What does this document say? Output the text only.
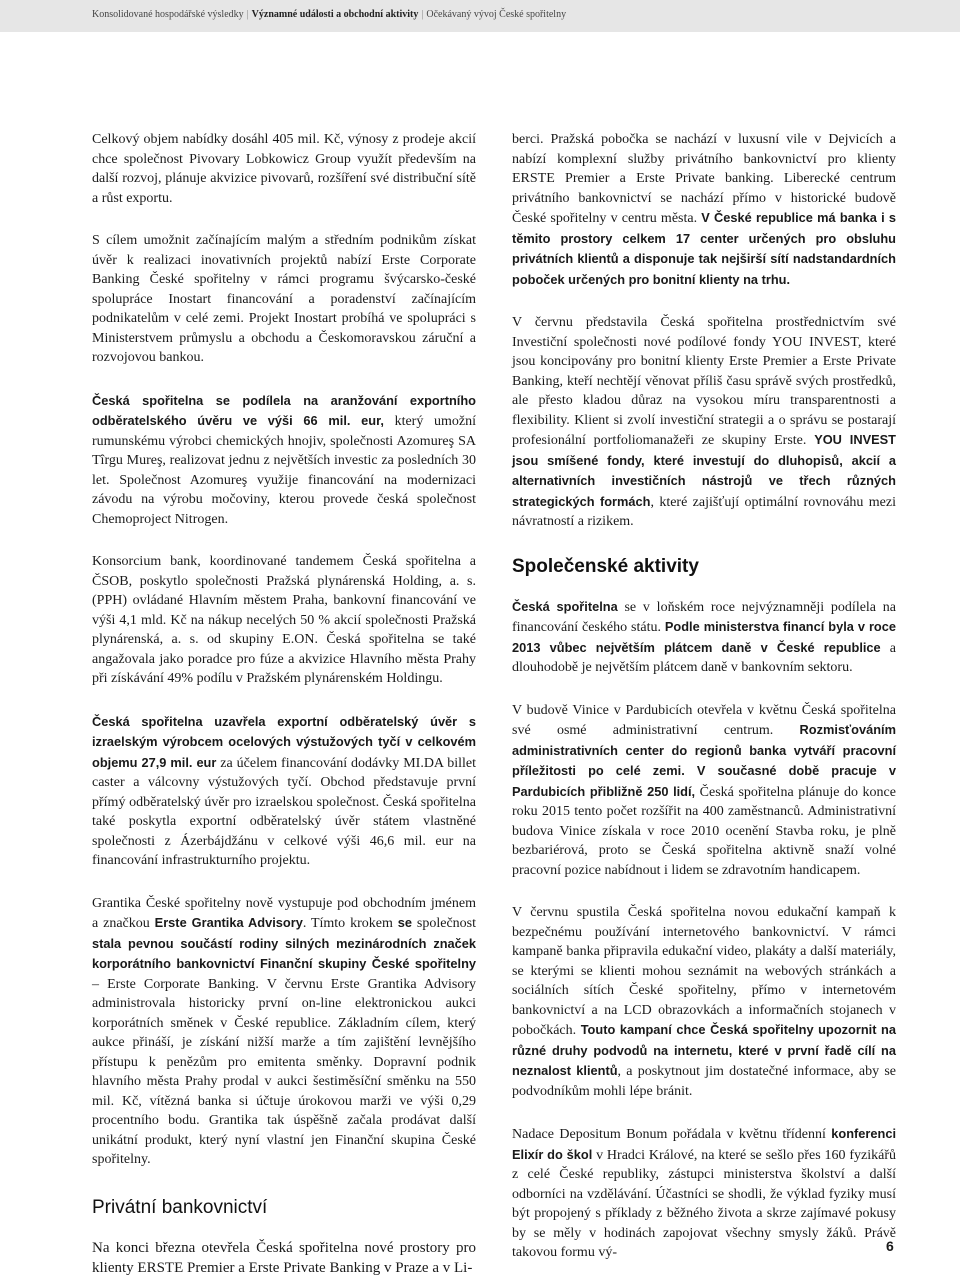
Konsolidované hospodářské výsledky | Významné události a obchodní aktivity | Očekávaný vývoj České spořitelny

Celkový objem nabídky dosáhl 405 mil. Kč, výnosy z prodeje akcií chce společnost Pivovary Lobkowicz Group využít především na další rozvoj, plánuje akvizice pivovarů, rozšíření své distribuční sítě a růst exportu.

S cílem umožnit začínajícím malým a středním podnikům získat úvěr k realizaci inovativních projektů nabízí Erste Corporate Banking České spořitelny v rámci programu švýcarsko-české spolupráce Inostart financování a poradenství začínajícím podnikatelům v celé zemi. Projekt Inostart probíhá ve spolupráci s Ministerstvem průmyslu a obchodu a Českomoravskou záruční a rozvojovou bankou.

Česká spořitelna se podílela na aranžování exportního odběratelského úvěru ve výši 66 mil. eur, který umožní rumunskému výrobci chemických hnojiv, společnosti Azomureş SA Tîrgu Mureş, realizovat jednu z největších investic za posledních 30 let. Společnost Azomureş využije financování na modernizaci závodu na výrobu močoviny, kterou provede česká společnost Chemoproject Nitrogen.

Konsorcium bank, koordinované tandemem Česká spořitelna a ČSOB, poskytlo společnosti Pražská plynárenská Holding, a. s. (PPH) ovládané Hlavním městem Praha, bankovní financování ve výši 4,1 mld. Kč na nákup necelých 50 % akcií společnosti Pražská plynárenská, a. s. od skupiny E.ON. Česká spořitelna se také angažovala jako poradce pro fúze a akvizice Hlavního města Prahy při získávání 49% podílu v Pražském plynárenském Holdingu.

Česká spořitelna uzavřela exportní odběratelský úvěr s izraelským výrobcem ocelových výstužových tyčí v celkovém objemu 27,9 mil. eur za účelem financování dodávky MI.DA billet caster a válcovny výstužových tyčí. Obchod představuje první přímý odběratelský úvěr pro izraelskou společnost. Česká spořitelna také poskytla exportní odběratelský úvěr státem vlastněné společnosti z Ázerbájdžánu v celkové výši 46,6 mil. eur na financování infrastrukturního projektu.

Grantika České spořitelny nově vystupuje pod obchodním jménem a značkou Erste Grantika Advisory. Tímto krokem se společnost stala pevnou součástí rodiny silných mezinárodních značek korporátního bankovnictví Finanční skupiny České spořitelny – Erste Corporate Banking. V červnu Erste Grantika Advisory administrovala historicky první on-line elektronickou aukci korporátních směnek v České republice. Základním cílem, který aukce přináší, je získání nižší marže a tím zajištění levnějšího přístupu k penězům pro emitenta směnky. Dopravní podnik hlavního města Prahy prodal v aukci šestiměsíční směnku na 550 mil. Kč, vítězná banka si účtuje úrokovou marži ve výši 0,29 procentního bodu. Grantika tak úspěšně začala prodávat další unikátní produkt, který nyní vlastní jen Finanční skupina České spořitelny.

Privátní bankovnictví

Na konci března otevřela Česká spořitelna nové prostory pro klienty ERSTE Premier a Erste Private Banking v Praze a v Li-

berci. Pražská pobočka se nachází v luxusní vile v Dejvicích a nabízí komplexní služby privátního bankovnictví pro klienty ERSTE Premier a Erste Private banking. Liberecké centrum privátního bankovnictví se nachází přímo v historické budově České spořitelny v centru města. V České republice má banka i s těmito prostory celkem 17 center určených pro obsluhu privátních klientů a disponuje tak nejširší sítí nadstandardních poboček určených pro bonitní klienty na trhu.

V červnu představila Česká spořitelna prostřednictvím své Investiční společnosti nové podílové fondy YOU INVEST, které jsou koncipovány pro bonitní klienty Erste Premier a Erste Private Banking, kteří nechtějí věnovat příliš času správě svých prostředků, ale přesto kladou důraz na vysokou míru transparentnosti a flexibility. Klient si zvolí investiční strategii a o správu se postarají profesionální portfoliomanažeři ze skupiny Erste. YOU INVEST jsou smíšené fondy, které investují do dluhopisů, akcií a alternativních investičních nástrojů ve třech různých strategických formách, které zajišťují optimální rovnováhu mezi návratností a rizikem.

Společenské aktivity

Česká spořitelna se v loňském roce nejvýznamněji podílela na financování českého státu. Podle ministerstva financí byla v roce 2013 vůbec největším plátcem daně v České republice a dlouhodobě je největším plátcem daně v bankovním sektoru.

V budově Vinice v Pardubicích otevřela v květnu Česká spořitelna své osmé administrativní centrum. Rozmisťováním administrativních center do regionů banka vytváří pracovní příležitosti po celé zemi. V současné době pracuje v Pardubicích přibližně 250 lidí, Česká spořitelna plánuje do konce roku 2015 tento počet rozšířit na 400 zaměstnanců. Administrativní budova Vinice získala v roce 2010 ocenění Stavba roku, je plně bezbariérová, proto se Česká spořitelna aktivně snaží volné pracovní pozice nabídnout i lidem se zdravotním handicapem.

V červnu spustila Česká spořitelna novou edukační kampaň k bezpečnému používání internetového bankovnictví. V rámci kampaně banka připravila edukační video, plakáty a další materiály, se kterými se klienti mohou seznámit na webových stránkách a sociálních sítích České spořitelny, přímo v internetovém bankovnictví a na LCD obrazovkách a informačních stojanech v pobočkách. Touto kampaní chce Česká spořitelny upozornit na různé druhy podvodů na internetu, které v první řadě cílí na neznalost klientů, a poskytnout jim dostatečné informace, aby se podvodníkům mohli lépe bránit.

Nadace Depositum Bonum pořádala v květnu třídenní konferenci Elixír do škol v Hradci Králové, na které se sešlo přes 160 fyzikářů z celé České republiky, zástupci ministerstva školství a další odborníci na vzdělávání. Účastníci se shodli, že výklad fyziky musí být propojený s příklady z běžného života a skrze zajímavé pokusy by se měly v hodinách zapojovat všechny smysly žáků. Právě takovou formu vý-	6
